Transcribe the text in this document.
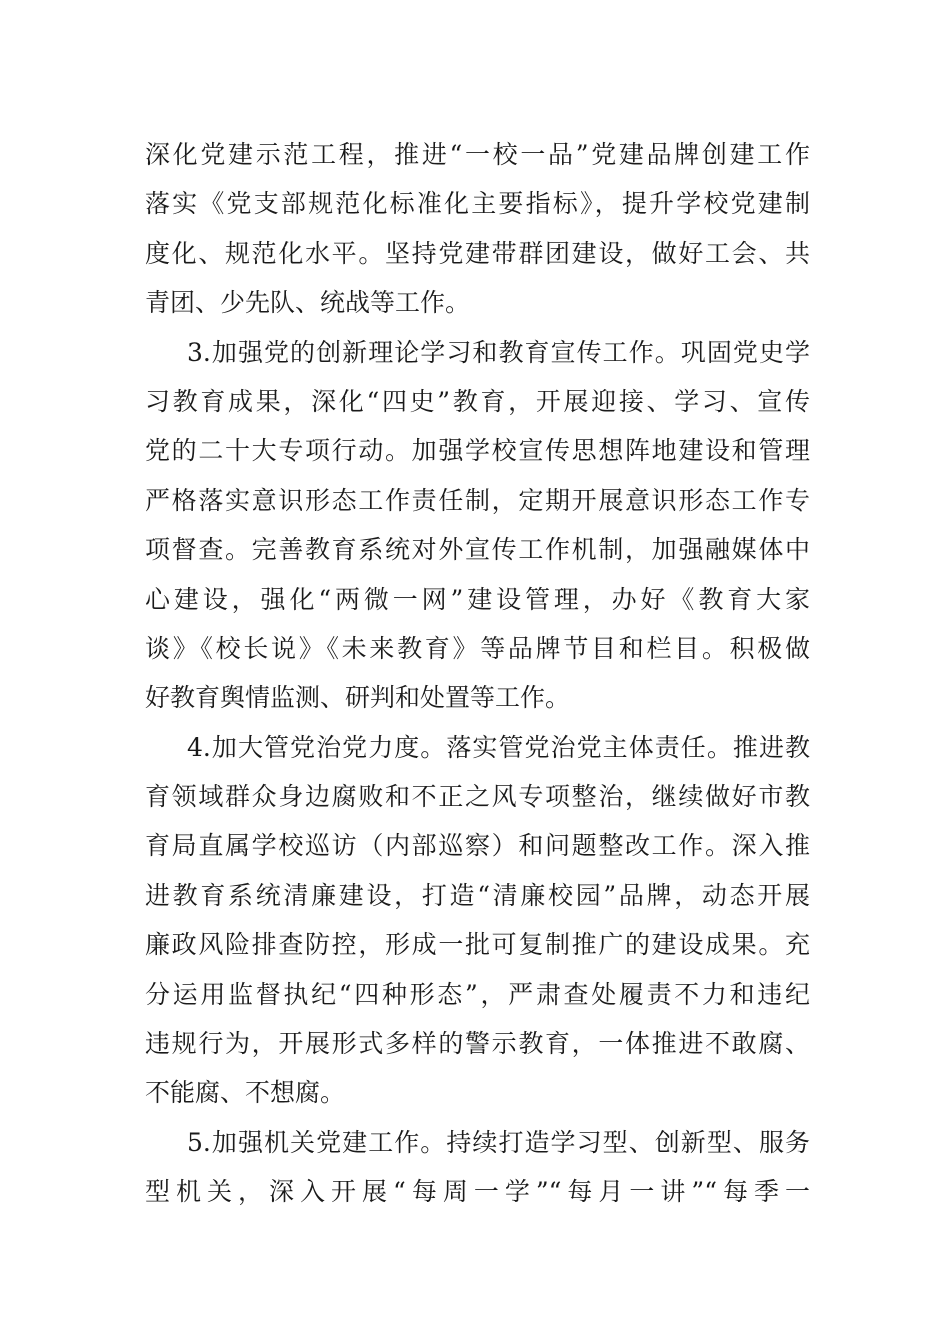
深化党建示范工程，推进“一校一品”党建品牌创建工作
落实《党支部规范化标准化主要指标》，提升学校党建制
度化、规范化水平。坚持党建带群团建设，做好工会、共
青团、少先队、统战等工作。
3.加强党的创新理论学习和教育宣传工作。巩固党史学
习教育成果，深化“四史”教育，开展迎接、学习、宣传
党的二十大专项行动。加强学校宣传思想阵地建设和管理
严格落实意识形态工作责任制，定期开展意识形态工作专
项督查。完善教育系统对外宣传工作机制，加强融媒体中
心建设，强化“两微一网”建设管理，办好《教育大家
谈》《校长说》《未来教育》等品牌节目和栏目。积极做
好教育舆情监测、研判和处置等工作。
4.加大管党治党力度。落实管党治党主体责任。推进教
育领域群众身边腐败和不正之风专项整治，继续做好市教
育局直属学校巡访（内部巡察）和问题整改工作。深入推
进教育系统清廉建设，打造“清廉校园”品牌，动态开展
廉政风险排查防控，形成一批可复制推广的建设成果。充
分运用监督执纪“四种形态”，严肃查处履责不力和违纪
违规行为，开展形式多样的警示教育，一体推进不敢腐、
不能腐、不想腐。
5.加强机关党建工作。持续打造学习型、创新型、服务
型机关，深入开展“每周一学”“每月一讲”“每季一
